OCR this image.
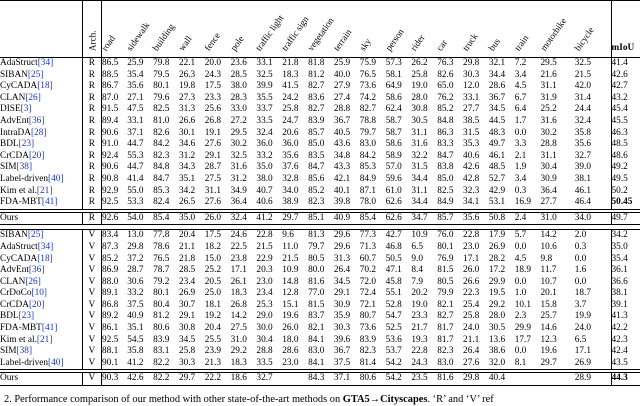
	Arch.	road	sidewalk	building	wall	fence	pole	traffic light	traffic sign	vegetation	terrain	sky	person	rider	car	truck	bus	train	motorbike	bicycle	mIoU
AdaStruct[34]	R	86.5	25.9	79.8	22.1	20.0	23.6	33.1	21.8	81.8	25.9	75.9	57.3	26.2	76.3	29.8	32.1	7.2	29.5	32.5	41.4
SIBAN[25]	R	88.5	35.4	79.5	26.3	24.3	28.5	32.5	18.3	81.2	40.0	76.5	58.1	25.8	82.6	30.3	34.4	3.4	21.6	21.5	42.6
CyCADA[18]	R	86.7	35.6	80.1	19.8	17.5	38.0	39.9	41.5	82.7	27.9	73.6	64.9	19.0	65.0	12.0	28.6	4.5	31.1	42.0	42.7
CLAN[26]	R	87.0	27.1	79.6	27.3	23.3	28.3	35.5	24.2	83.6	27.4	74.2	58.6	28.0	76.2	33.1	36.7	6.7	31.9	31.4	43.2
DISE[3]	R	91.5	47.5	82.5	31.3	25.6	33.0	33.7	25.8	82.7	28.8	82.7	62.4	30.8	85.2	27.7	34.5	6.4	25.2	24.4	45.4
AdvEnt[36]	R	89.4	33.1	81.0	26.6	26.8	27.2	33.5	24.7	83.9	36.7	78.8	58.7	30.5	84.8	38.5	44.5	1.7	31.6	32.4	45.5
IntraDA[28]	R	90.6	37.1	82.6	30.1	19.1	29.5	32.4	20.6	85.7	40.5	79.7	58.7	31.1	86.3	31.5	48.3	0.0	30.2	35.8	46.3
BDL[23]	R	91.0	44.7	84.2	34.6	27.6	30.2	36.0	36.0	85.0	43.6	83.0	58.6	31.6	83.3	35.3	49.7	3.3	28.8	35.6	48.5
CrCDA[20]	R	92.4	55.3	82.3	31.2	29.1	32.5	33.2	35.6	83.5	34.8	84.2	58.9	32.2	84.7	40.6	46.1	2.1	31.1	32.7	48.6
SIM[38]	R	90.6	44.7	84.8	34.3	28.7	31.6	35.0	37.6	84.7	43.3	85.3	57.0	31.5	83.8	42.6	48.5	1.9	30.4	39.0	49.2
Label-driven[40]	R	90.8	41.4	84.7	35.1	27.5	31.2	38.0	32.8	85.6	42.1	84.9	59.6	34.4	85.0	42.8	52.7	3.4	30.9	38.1	49.5
Kim et al.[21]	R	92.9	55.0	85.3	34.2	31.1	34.9	40.7	34.0	85.2	40.1	87.1	61.0	31.1	82.5	32.3	42.9	0.3	36.4	46.1	50.2
FDA-MBT[41]	R	92.5	53.3	82.4	26.5	27.6	36.4	40.6	38.9	82.3	39.8	78.0	62.6	34.4	84.9	34.1	53.1	16.9	27.7	46.4	50.45

Ours	R	92.6	54.0	85.4	35.0	26.0	32.4	41.2	29.7	85.1	40.9	85.4	62.6	34.7	85.7	35.6	50.8	2.4	31.0	34.0	49.7

SIBAN[25]	V	83.4	13.0	77.8	20.4	17.5	24.6	22.8	9.6	81.3	29.6	77.3	42.7	10.9	76.0	22.8	17.9	5.7	14.2	2.0	34.2
AdaStruct[34]	V	87.3	29.8	78.6	21.1	18.2	22.5	21.5	11.0	79.7	29.6	71.3	46.8	6.5	80.1	23.0	26.9	0.0	10.6	0.3	35.0
CyCADA[18]	V	85.2	37.2	76.5	21.8	15.0	23.8	22.9	21.5	80.5	31.3	60.7	50.5	9.0	76.9	17.1	28.2	4.5	9.8	0.0	35.4
AdvEnt[36]	V	86.9	28.7	78.7	28.5	25.2	17.1	20.3	10.9	80.0	26.4	70.2	47.1	8.4	81.5	26.0	17.2	18.9	11.7	1.6	36.1
CLAN[26]	V	88.0	30.6	79.2	23.4	20.5	26.1	23.0	14.8	81.6	34.5	72.0	45.8	7.9	80.5	26.6	29.9	0.0	10.7	0.0	36.6
CrDoCo[10]	V	89.1	33.2	80.1	26.9	25.0	18.3	23.4	12.8	77.0	29.1	72.4	55.1	20.2	79.9	22.3	19.5	1.0	20.1	18.7	38.1
CrCDA[20]	V	86.8	37.5	80.4	30.7	18.1	26.8	25.3	15.1	81.5	30.9	72.1	52.8	19.0	82.1	25.4	29.2	10.1	15.8	3.7	39.1
BDL[23]	V	89.2	40.9	81.2	29.1	19.2	14.2	29.0	19.6	83.7	35.9	80.7	54.7	23.3	82.7	25.8	28.0	2.3	25.7	19.9	41.3
FDA-MBT[41]	V	86.1	35.1	80.6	30.8	20.4	27.5	30.0	26.0	82.1	30.3	73.6	52.5	21.7	81.7	24.0	30.5	29.9	14.6	24.0	42.2
Kim et al.[21]	V	92.5	54.5	83.9	34.5	25.5	31.0	30.4	18.0	84.1	39.6	83.9	53.6	19.3	81.7	21.1	13.6	17.7	12.3	6.5	42.3
SIM[38]	V	88.1	35.8	83.1	25.8	23.9	29.2	28.8	28.6	83.0	36.7	82.3	53.7	22.8	82.3	26.4	38.6	0.0	19.6	17.1	42.4
Label-driven[40]	V	90.1	41.2	82.2	30.3	21.3	18.3	33.5	23.0	84.1	37.5	81.4	54.2	24.3	83.0	27.6	32.0	8.1	29.7	26.9	43.5

Ours	V	90.3	42.6	82.2	29.7	22.2	18.6	32.7		84.3	37.1	80.6	54.2	23.5	81.6	29.8	40.4			28.9	44.3
2. Performance comparison of our method with other state-of-the-art methods on GTA5→Cityscapes. ‘R’ and ‘V’ ref
